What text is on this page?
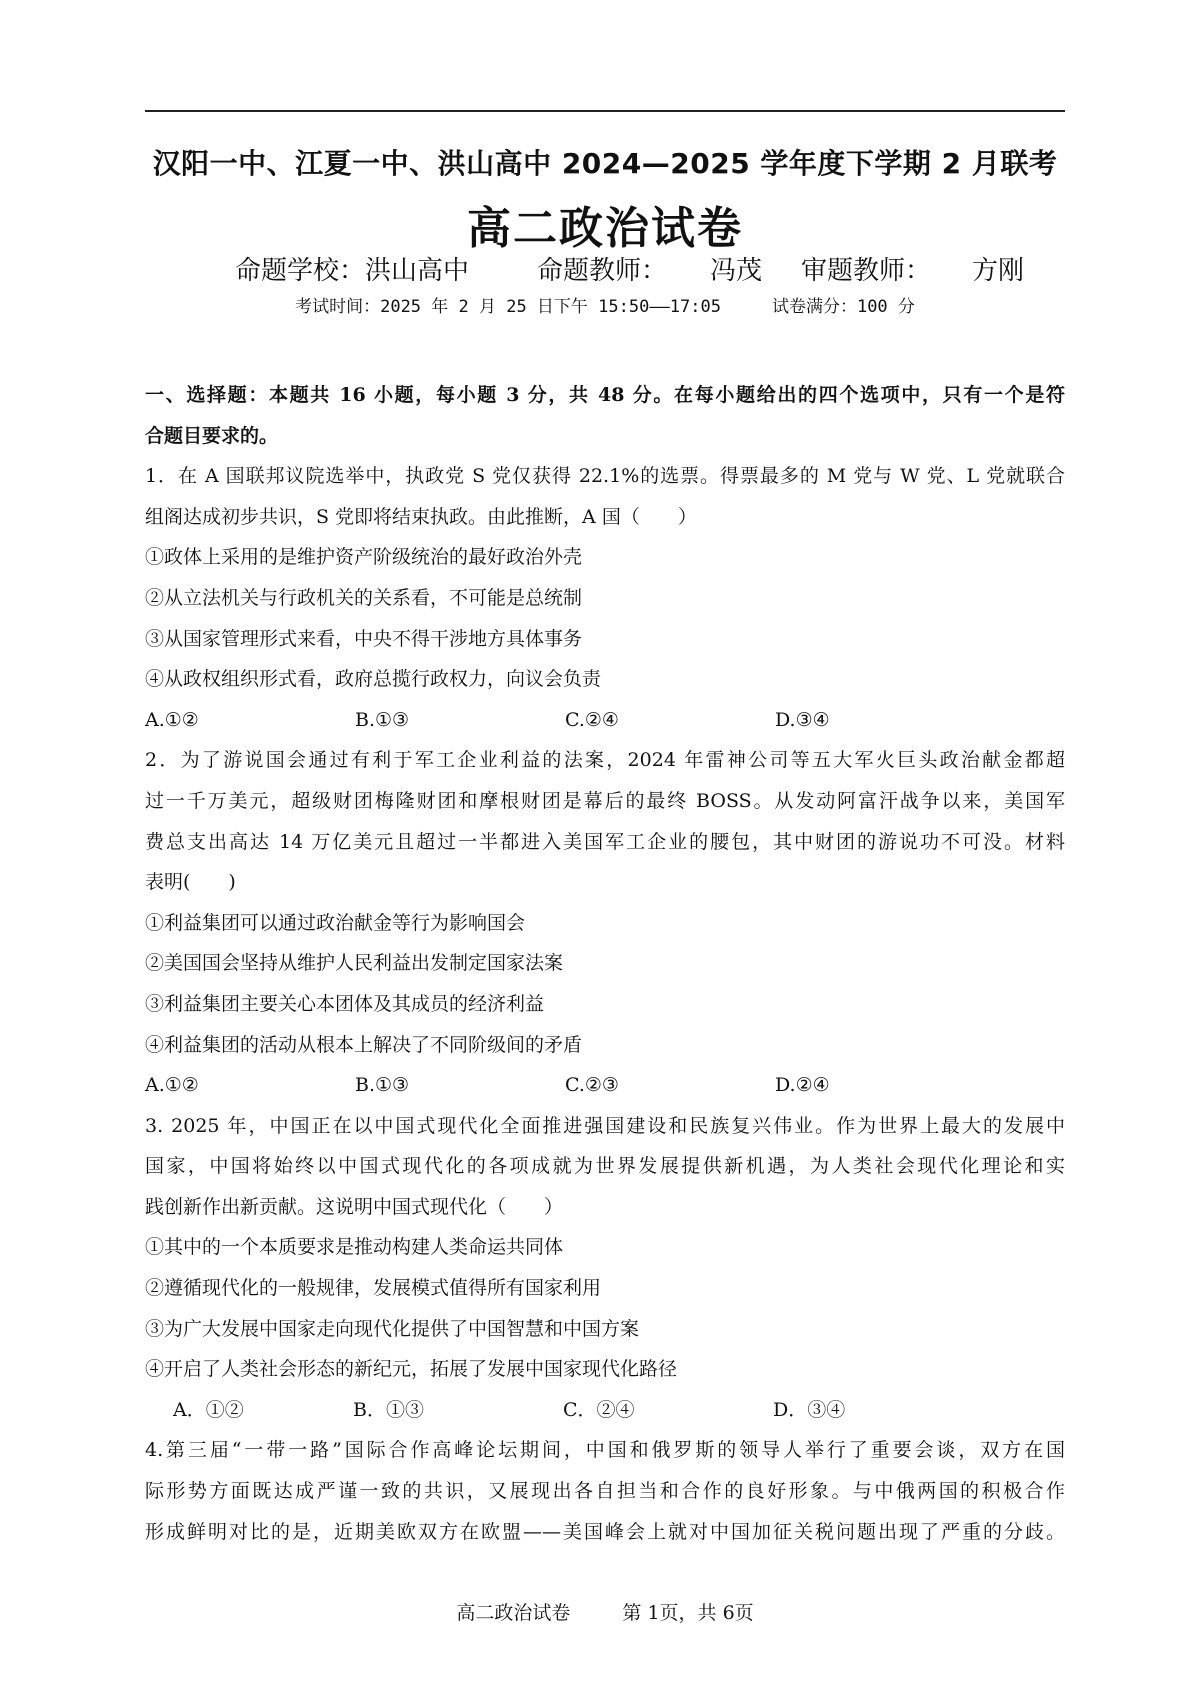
汉阳一中、江夏一中、洪山高中 2024—2025 学年度下学期 2 月联考
高二政治试卷
命题学校：洪山高中	命题教师： 冯茂 审题教师： 方刚
考试时间：2025 年 2 月 25 日下午 15:50——17:05　　　试卷满分：100 分
一、选择题：本题共 16 小题，每小题 3 分，共 48 分。在每小题给出的四个选项中，只有一个是符
合题目要求的。
1．在 A 国联邦议院选举中，执政党 S 党仅获得 22.1%的选票。得票最多的 M 党与 W 党、L 党就联合
组阁达成初步共识，S 党即将结束执政。由此推断，A 国（　　）
①政体上采用的是维护资产阶级统治的最好政治外壳
②从立法机关与行政机关的关系看，不可能是总统制
③从国家管理形式来看，中央不得干涉地方具体事务
④从政权组织形式看，政府总揽行政权力，向议会负责
A.①②	B.①③	C.②④	D.③④
2．为了游说国会通过有利于军工企业利益的法案，2024 年雷神公司等五大军火巨头政治献金都超
过一千万美元，超级财团梅隆财团和摩根财团是幕后的最终 BOSS。从发动阿富汗战争以来，美国军
费总支出高达 14 万亿美元且超过一半都进入美国军工企业的腰包，其中财团的游说功不可没。材料
表明(　　)
①利益集团可以通过政治献金等行为影响国会
②美国国会坚持从维护人民利益出发制定国家法案
③利益集团主要关心本团体及其成员的经济利益
④利益集团的活动从根本上解决了不同阶级间的矛盾
A.①②	B.①③	C.②③	D.②④
3. 2025 年，中国正在以中国式现代化全面推进强国建设和民族复兴伟业。作为世界上最大的发展中
国家，中国将始终以中国式现代化的各项成就为世界发展提供新机遇，为人类社会现代化理论和实
践创新作出新贡献。这说明中国式现代化（　　）
①其中的一个本质要求是推动构建人类命运共同体
②遵循现代化的一般规律，发展模式值得所有国家利用
③为广大发展中国家走向现代化提供了中国智慧和中国方案
④开启了人类社会形态的新纪元，拓展了发展中国家现代化路径
A．①②	B．①③	C．②④	D．③④
4.第三届“一带一路”国际合作高峰论坛期间，中国和俄罗斯的领导人举行了重要会谈，双方在国
际形势方面既达成严谨一致的共识，又展现出各自担当和合作的良好形象。与中俄两国的积极合作
形成鲜明对比的是，近期美欧双方在欧盟——美国峰会上就对中国加征关税问题出现了严重的分歧。
高二政治试卷	第 1页，共 6页
